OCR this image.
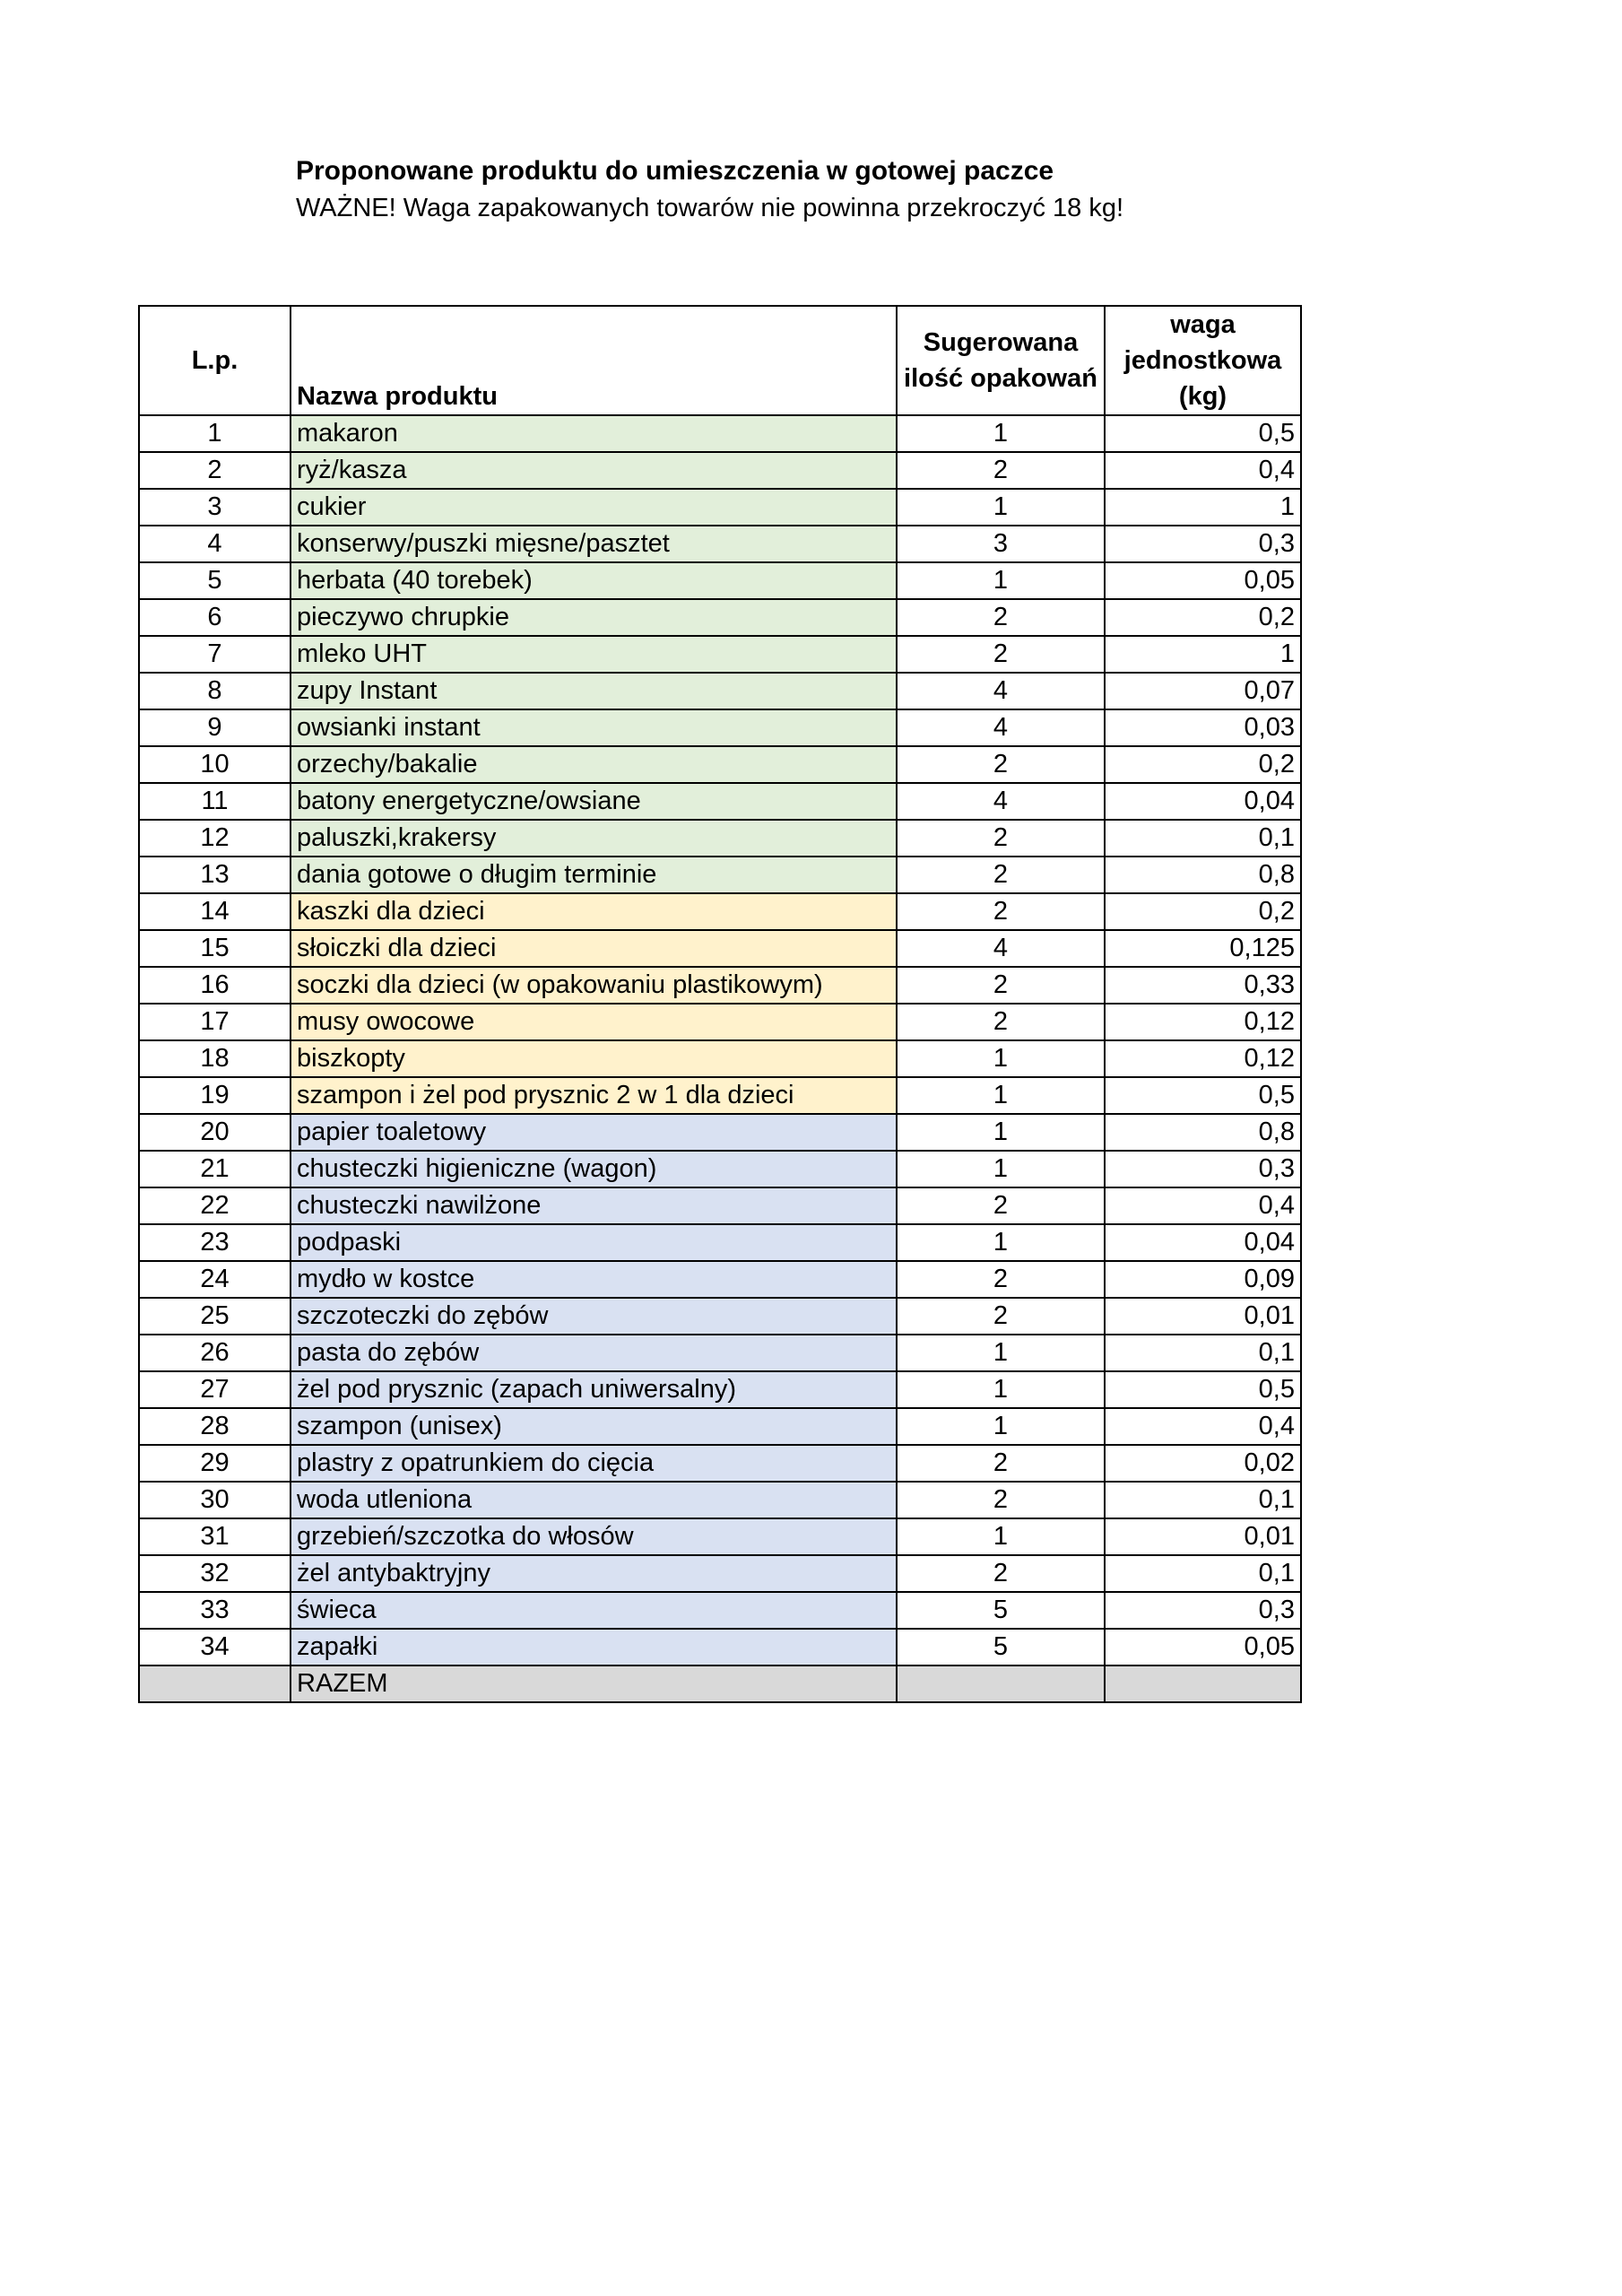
Proponowane produktu do umieszczenia w gotowej paczce
WAŻNE! Waga zapakowanych towarów nie powinna przekroczyć 18 kg!
L.p.	Nazwa produktu	Sugerowana ilość opakowań	waga jednostkowa (kg)
1	makaron	1	0,5
2	ryż/kasza	2	0,4
3	cukier	1	1
4	konserwy/puszki mięsne/pasztet	3	0,3
5	herbata (40 torebek)	1	0,05
6	pieczywo chrupkie	2	0,2
7	mleko UHT	2	1
8	zupy Instant	4	0,07
9	owsianki instant	4	0,03
10	orzechy/bakalie	2	0,2
11	batony energetyczne/owsiane	4	0,04
12	paluszki,krakersy	2	0,1
13	dania gotowe o długim terminie	2	0,8
14	kaszki dla dzieci	2	0,2
15	słoiczki dla dzieci	4	0,125
16	soczki dla dzieci (w opakowaniu plastikowym)	2	0,33
17	musy owocowe	2	0,12
18	biszkopty	1	0,12
19	szampon i żel pod prysznic 2 w 1 dla dzieci	1	0,5
20	papier toaletowy	1	0,8
21	chusteczki higieniczne (wagon)	1	0,3
22	chusteczki nawilżone	2	0,4
23	podpaski	1	0,04
24	mydło w kostce	2	0,09
25	szczoteczki do zębów	2	0,01
26	pasta do zębów	1	0,1
27	żel pod prysznic (zapach uniwersalny)	1	0,5
28	szampon (unisex)	1	0,4
29	plastry z opatrunkiem do cięcia	2	0,02
30	woda utleniona	2	0,1
31	grzebień/szczotka do włosów	1	0,01
32	żel antybaktryjny	2	0,1
33	świeca	5	0,3
34	zapałki	5	0,05
	RAZEM		
